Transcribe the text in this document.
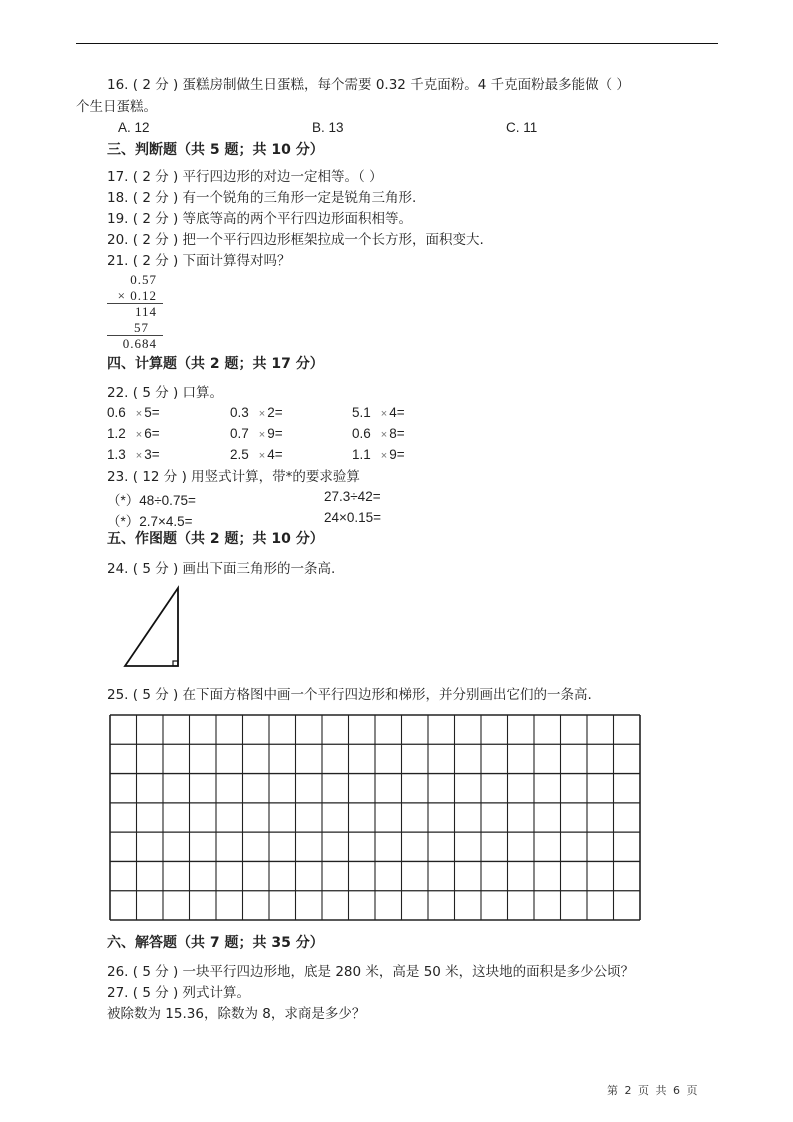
16. ( 2 分 ) 蛋糕房制做生日蛋糕，每个需要 0.32 千克面粉。4 千克面粉最多能做（ ）
个生日蛋糕。
A. 12	B. 13	C. 11
三、判断题（共 5 题；共 10 分）
17. ( 2 分 ) 平行四边形的对边一定相等。（ ）
18. ( 2 分 ) 有一个锐角的三角形一定是锐角三角形.
19. ( 2 分 ) 等底等高的两个平行四边形面积相等。
20. ( 2 分 ) 把一个平行四边形框架拉成一个长方形，面积变大.
21. ( 2 分 ) 下面计算得对吗？
0.57
× 0.12
114
57
0.684
四、计算题（共 2 题；共 17 分）
22. ( 5 分 ) 口算。
0.6 × 5=	0.3 × 2=	5.1 × 4=
1.2 × 6=	0.7 × 9=	0.6 × 8=
1.3 × 3=	2.5 × 4=	1.1 × 9=
23. ( 12 分 ) 用竖式计算，带*的要求验算
（*）48÷0.75=	27.3÷42=
（*）2.7×4.5=	24×0.15=
五、作图题（共 2 题；共 10 分）
24. ( 5 分 ) 画出下面三角形的一条高.
25. ( 5 分 ) 在下面方格图中画一个平行四边形和梯形，并分别画出它们的一条高.
六、解答题（共 7 题；共 35 分）
26. ( 5 分 ) 一块平行四边形地，底是 280 米，高是 50 米，这块地的面积是多少公顷？
27. ( 5 分 ) 列式计算。
被除数为 15.36，除数为 8，求商是多少？
第 2 页 共 6 页
